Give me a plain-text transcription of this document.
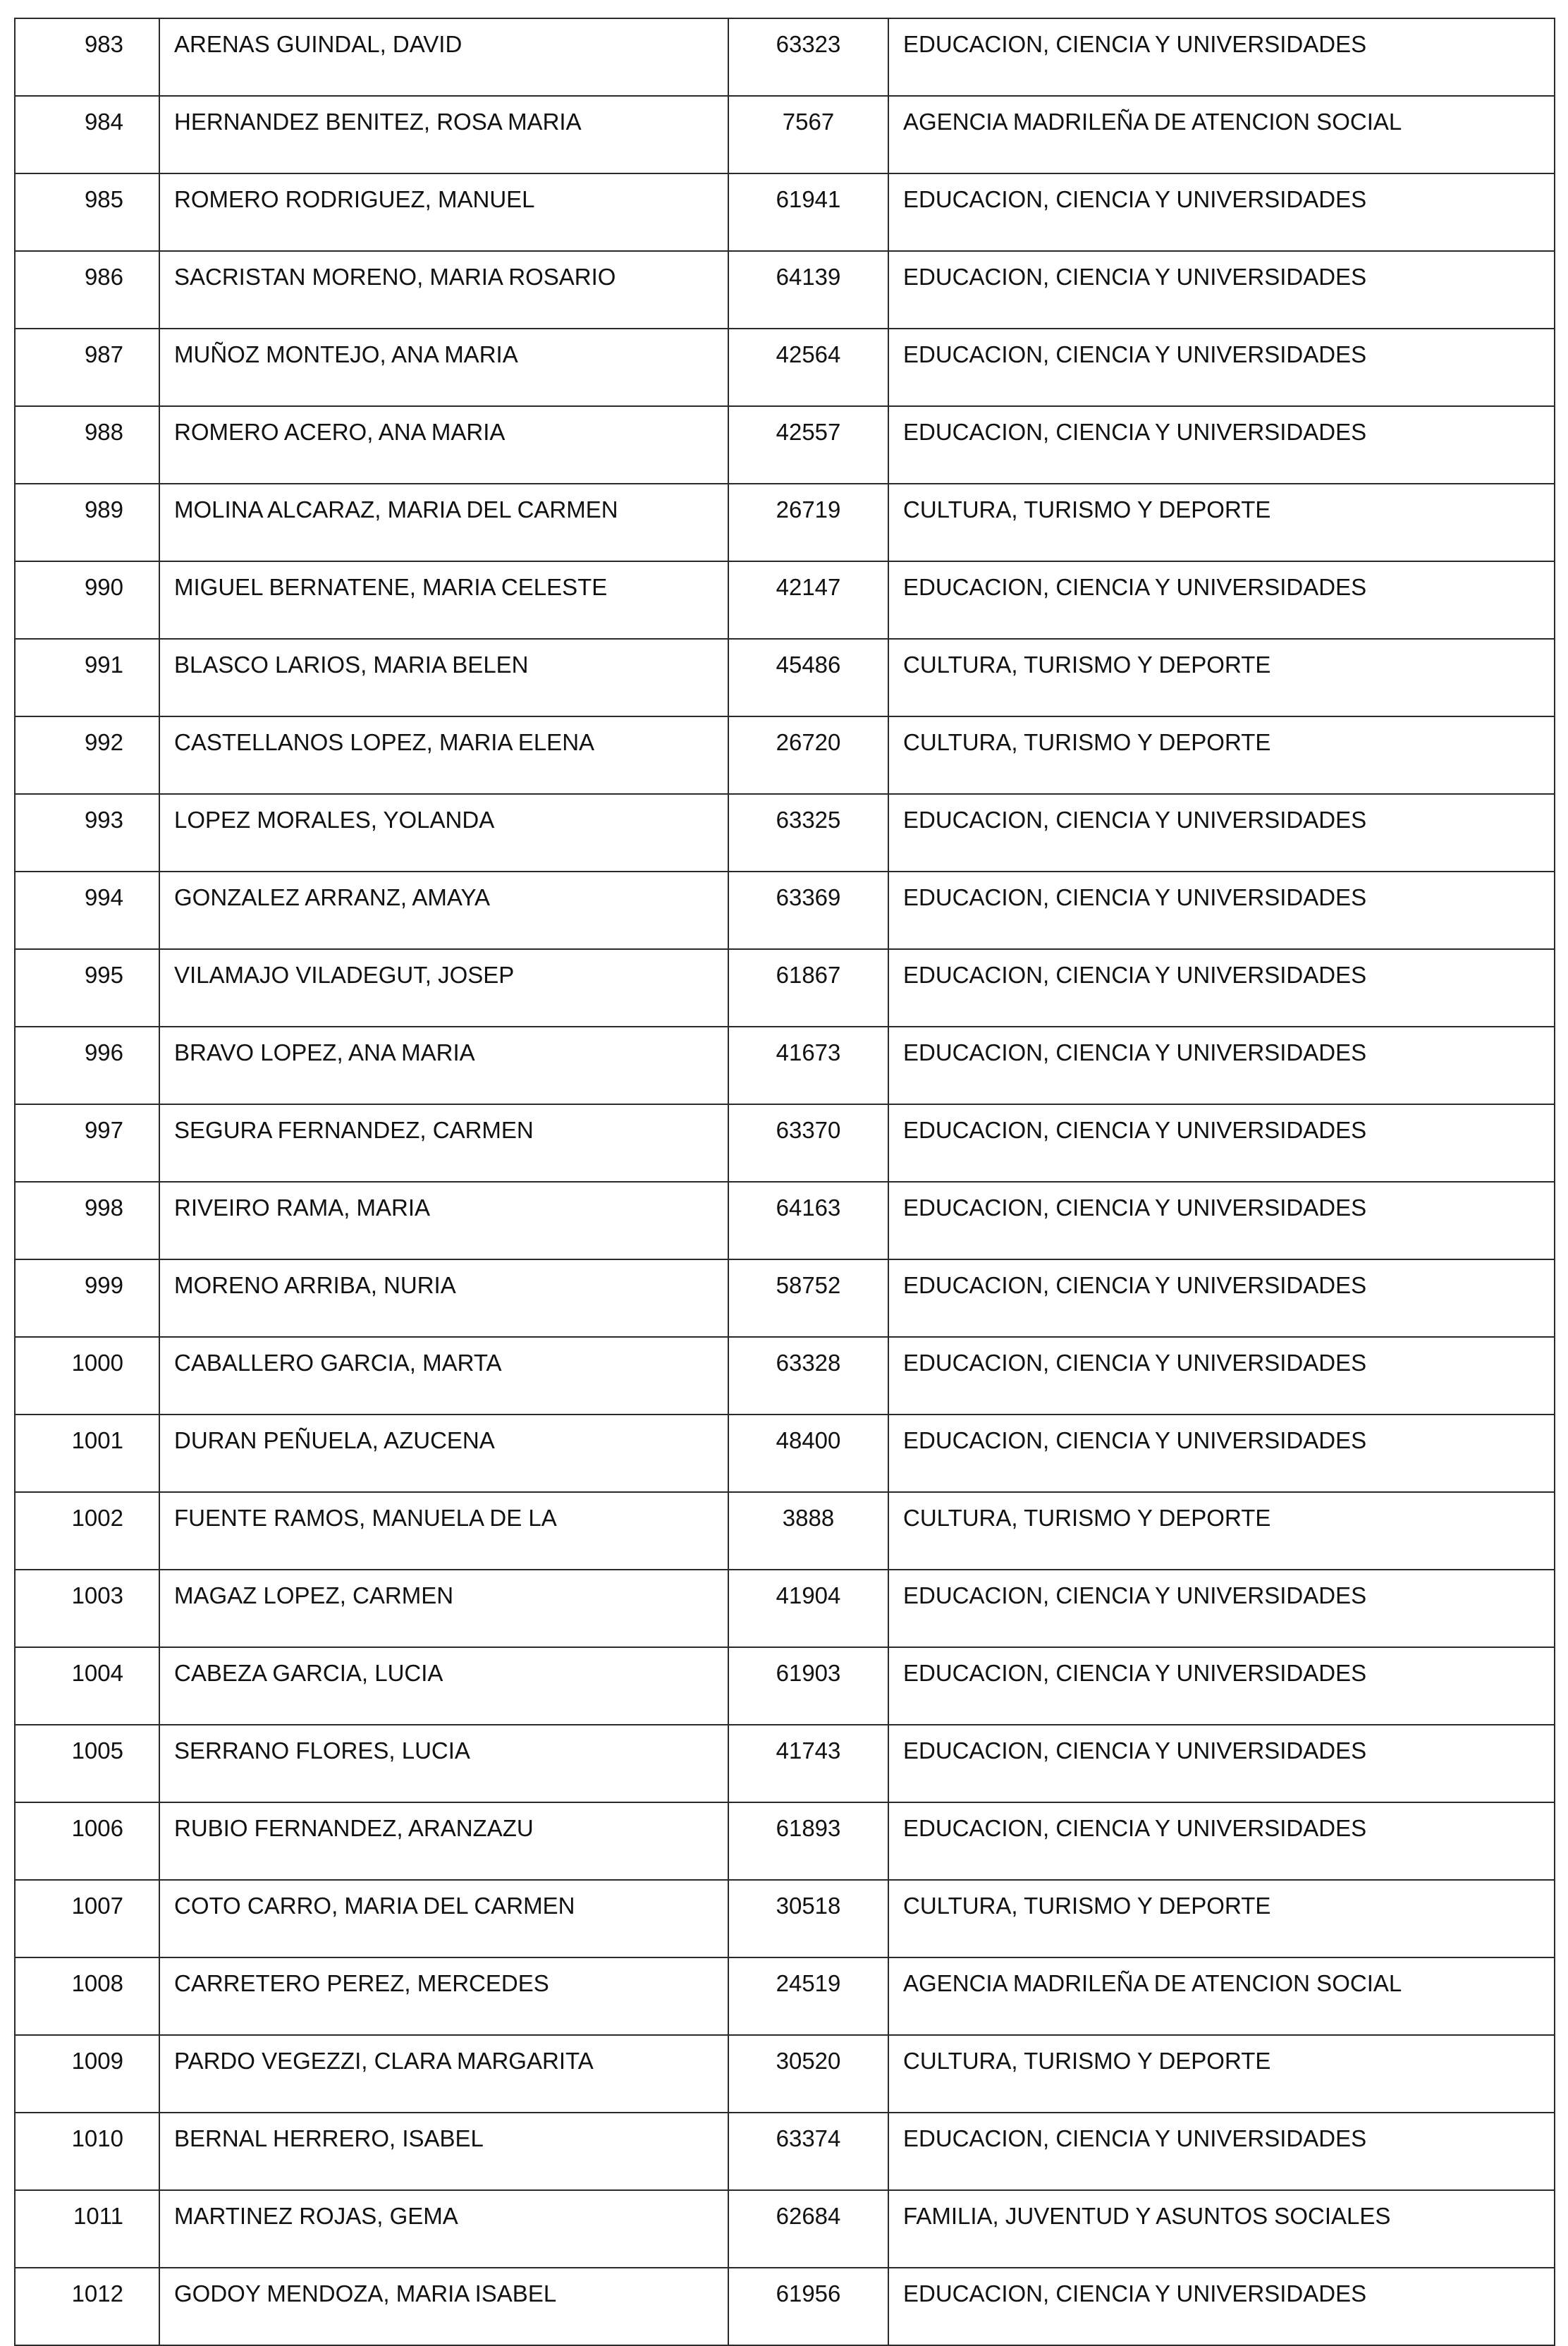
983	ARENAS GUINDAL, DAVID	63323	EDUCACION, CIENCIA Y UNIVERSIDADES
984	HERNANDEZ BENITEZ, ROSA MARIA	7567	AGENCIA MADRILEÑA DE ATENCION SOCIAL
985	ROMERO RODRIGUEZ, MANUEL	61941	EDUCACION, CIENCIA Y UNIVERSIDADES
986	SACRISTAN MORENO, MARIA ROSARIO	64139	EDUCACION, CIENCIA Y UNIVERSIDADES
987	MUÑOZ MONTEJO, ANA MARIA	42564	EDUCACION, CIENCIA Y UNIVERSIDADES
988	ROMERO ACERO, ANA MARIA	42557	EDUCACION, CIENCIA Y UNIVERSIDADES
989	MOLINA ALCARAZ, MARIA DEL CARMEN	26719	CULTURA, TURISMO Y DEPORTE
990	MIGUEL BERNATENE, MARIA CELESTE	42147	EDUCACION, CIENCIA Y UNIVERSIDADES
991	BLASCO LARIOS, MARIA BELEN	45486	CULTURA, TURISMO Y DEPORTE
992	CASTELLANOS LOPEZ, MARIA ELENA	26720	CULTURA, TURISMO Y DEPORTE
993	LOPEZ MORALES, YOLANDA	63325	EDUCACION, CIENCIA Y UNIVERSIDADES
994	GONZALEZ ARRANZ, AMAYA	63369	EDUCACION, CIENCIA Y UNIVERSIDADES
995	VILAMAJO VILADEGUT, JOSEP	61867	EDUCACION, CIENCIA Y UNIVERSIDADES
996	BRAVO LOPEZ, ANA MARIA	41673	EDUCACION, CIENCIA Y UNIVERSIDADES
997	SEGURA FERNANDEZ, CARMEN	63370	EDUCACION, CIENCIA Y UNIVERSIDADES
998	RIVEIRO RAMA, MARIA	64163	EDUCACION, CIENCIA Y UNIVERSIDADES
999	MORENO ARRIBA, NURIA	58752	EDUCACION, CIENCIA Y UNIVERSIDADES
1000	CABALLERO GARCIA, MARTA	63328	EDUCACION, CIENCIA Y UNIVERSIDADES
1001	DURAN PEÑUELA, AZUCENA	48400	EDUCACION, CIENCIA Y UNIVERSIDADES
1002	FUENTE RAMOS, MANUELA DE LA	3888	CULTURA, TURISMO Y DEPORTE
1003	MAGAZ LOPEZ, CARMEN	41904	EDUCACION, CIENCIA Y UNIVERSIDADES
1004	CABEZA GARCIA, LUCIA	61903	EDUCACION, CIENCIA Y UNIVERSIDADES
1005	SERRANO FLORES, LUCIA	41743	EDUCACION, CIENCIA Y UNIVERSIDADES
1006	RUBIO FERNANDEZ, ARANZAZU	61893	EDUCACION, CIENCIA Y UNIVERSIDADES
1007	COTO CARRO, MARIA DEL CARMEN	30518	CULTURA, TURISMO Y DEPORTE
1008	CARRETERO PEREZ, MERCEDES	24519	AGENCIA MADRILEÑA DE ATENCION SOCIAL
1009	PARDO VEGEZZI, CLARA MARGARITA	30520	CULTURA, TURISMO Y DEPORTE
1010	BERNAL HERRERO, ISABEL	63374	EDUCACION, CIENCIA Y UNIVERSIDADES
1011	MARTINEZ ROJAS, GEMA	62684	FAMILIA, JUVENTUD Y ASUNTOS SOCIALES
1012	GODOY MENDOZA, MARIA ISABEL	61956	EDUCACION, CIENCIA Y UNIVERSIDADES
